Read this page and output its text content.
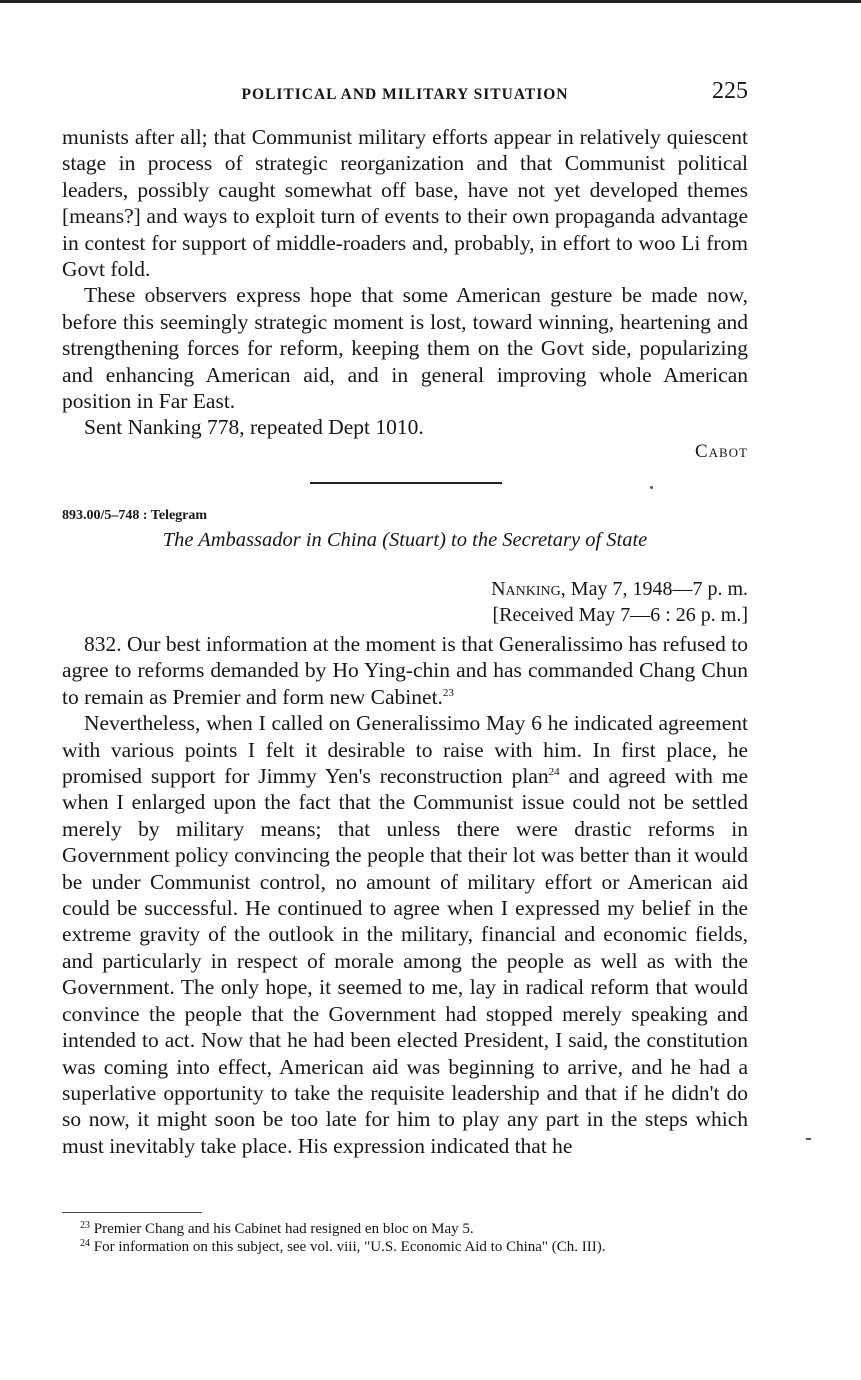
POLITICAL AND MILITARY SITUATION	225

munists after all; that Communist military efforts appear in relatively quiescent stage in process of strategic reorganization and that Communist political leaders, possibly caught somewhat off base, have not yet developed themes [means?] and ways to exploit turn of events to their own propaganda advantage in contest for support of middle-roaders and, probably, in effort to woo Li from Govt fold.

These observers express hope that some American gesture be made now, before this seemingly strategic moment is lost, toward winning, heartening and strengthening forces for reform, keeping them on the Govt side, popularizing and enhancing American aid, and in general improving whole American position in Far East.

Sent Nanking 778, repeated Dept 1010.

Cabot
893.00/5–748 : Telegram
The Ambassador in China (Stuart) to the Secretary of State
Nanking, May 7, 1948—7 p. m.
[Received May 7—6 : 26 p. m.]

832. Our best information at the moment is that Generalissimo has refused to agree to reforms demanded by Ho Ying-chin and has commanded Chang Chun to remain as Premier and form new Cabinet.$^{23}$

Nevertheless, when I called on Generalissimo May 6 he indicated agreement with various points I felt it desirable to raise with him. In first place, he promised support for Jimmy Yen's reconstruction plan$^{24}$ and agreed with me when I enlarged upon the fact that the Communist issue could not be settled merely by military means; that unless there were drastic reforms in Government policy convincing the people that their lot was better than it would be under Communist control, no amount of military effort or American aid could be successful. He continued to agree when I expressed my belief in the extreme gravity of the outlook in the military, financial and economic fields, and particularly in respect of morale among the people as well as with the Government. The only hope, it seemed to me, lay in radical reform that would convince the people that the Government had stopped merely speaking and intended to act. Now that he had been elected President, I said, the constitution was coming into effect, American aid was beginning to arrive, and he had a superlative opportunity to take the requisite leadership and that if he didn't do so now, it might soon be too late for him to play any part in the steps which must inevitably take place. His expression indicated that he

$^{23}$ Premier Chang and his Cabinet had resigned en bloc on May 5.

$^{24}$ For information on this subject, see vol. viii, "U.S. Economic Aid to China" (Ch. III).
